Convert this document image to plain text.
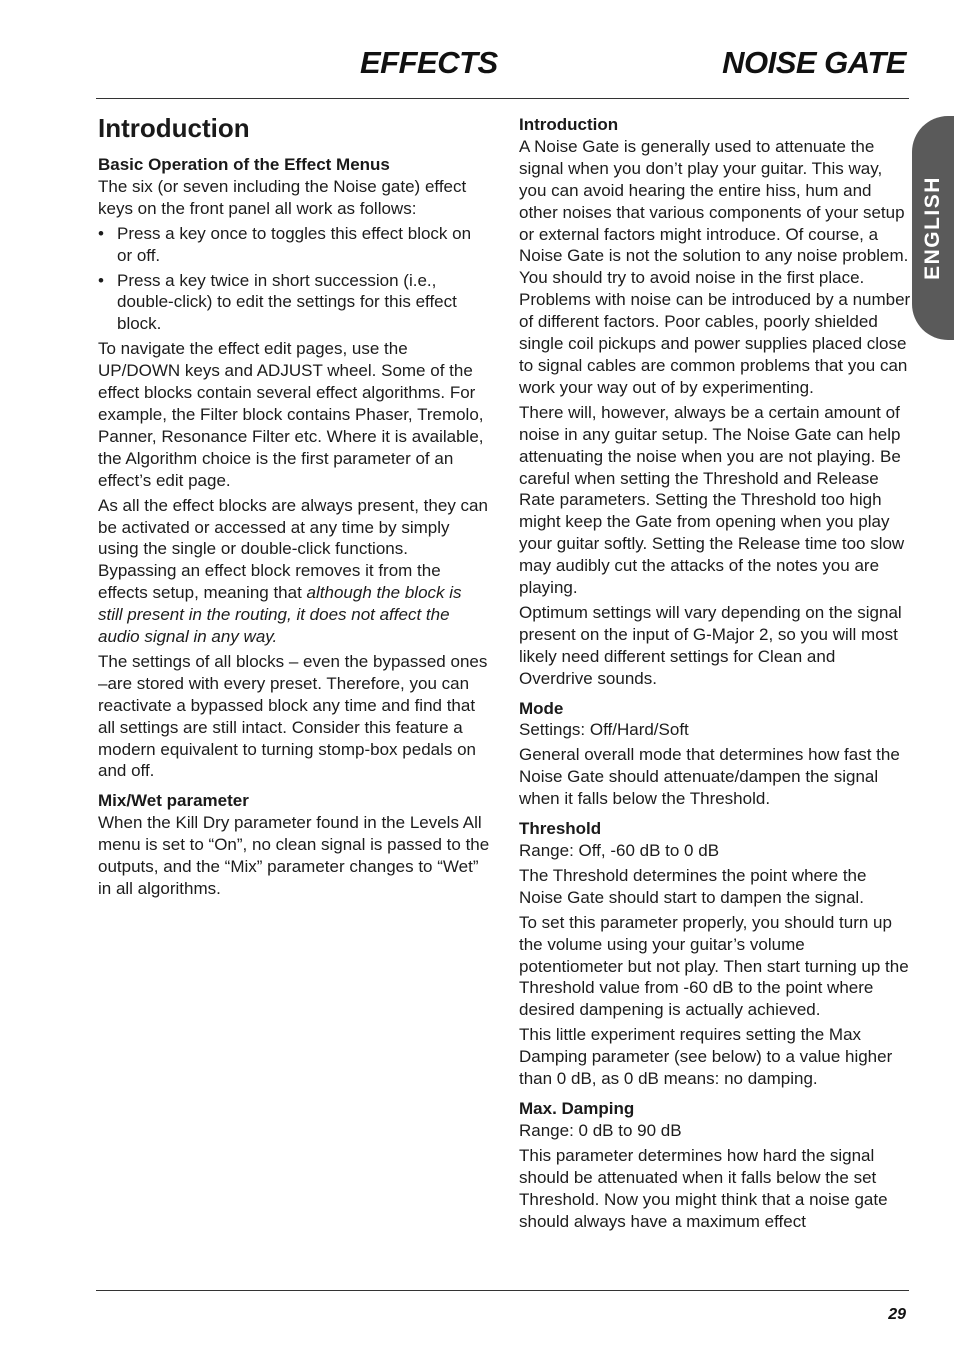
EFFECTS	NOISE GATE
ENGLISH
Introduction
Basic Operation of the Effect Menus

The six (or seven including the Noise gate) effect keys on the front panel all work as follows:

• Press a key once to toggles this effect block on or off.
• Press a key twice in short succession (i.e., double-click) to edit the settings for this effect block.

To navigate the effect edit pages, use the UP/DOWN keys and ADJUST wheel. Some of the effect blocks contain several effect algorithms. For example, the Filter block contains Phaser, Tremolo, Panner, Resonance Filter etc. Where it is available, the Algorithm choice is the first parameter of an effect’s edit page.

As all the effect blocks are always present, they can be activated or accessed at any time by simply using the single or double-click functions. Bypassing an effect block removes it from the effects setup, meaning that although the block is still present in the routing, it does not affect the audio signal in any way.

The settings of all blocks – even the bypassed ones –are stored with every preset. Therefore, you can reactivate a bypassed block any time and find that all settings are still intact. Consider this feature a modern equivalent to turning stomp-box pedals on and off.

Mix/Wet parameter

When the Kill Dry parameter found in the Levels All menu is set to “On”, no clean signal is passed to the outputs, and the “Mix” parameter changes to “Wet” in all algorithms.

Introduction

A Noise Gate is generally used to attenuate the signal when you don’t play your guitar. This way, you can avoid hearing the entire hiss, hum and other noises that various components of your setup or external factors might introduce. Of course, a Noise Gate is not the solution to any noise problem. You should try to avoid noise in the first place. Problems with noise can be introduced by a number of different factors. Poor cables, poorly shielded single coil pickups and power supplies placed close to signal cables are common problems that you can work your way out of by experimenting.

There will, however, always be a certain amount of noise in any guitar setup. The Noise Gate can help attenuating the noise when you are not playing. Be careful when setting the Threshold and Release Rate parameters. Setting the Threshold too high might keep the Gate from opening when you play your guitar softly. Setting the Release time too slow may audibly cut the attacks of the notes you are playing.

Optimum settings will vary depending on the signal present on the input of G-Major 2, so you will most likely need different settings for Clean and Overdrive sounds.

Mode

Settings: Off/Hard/Soft

General overall mode that determines how fast the Noise Gate should attenuate/dampen the signal when it falls below the Threshold.

Threshold

Range: Off, -60 dB to 0 dB

The Threshold determines the point where the Noise Gate should start to dampen the signal.

To set this parameter properly, you should turn up the volume using your guitar’s volume potentiometer but not play. Then start turning up the Threshold value from -60 dB to the point where desired dampening is actually achieved.

This little experiment requires setting the Max Damping parameter (see below) to a value higher than 0 dB, as 0 dB means: no damping.

Max. Damping

Range: 0 dB to 90 dB

This parameter determines how hard the signal should be attenuated when it falls below the set Threshold. Now you might think that a noise gate should always have a maximum effect

29
